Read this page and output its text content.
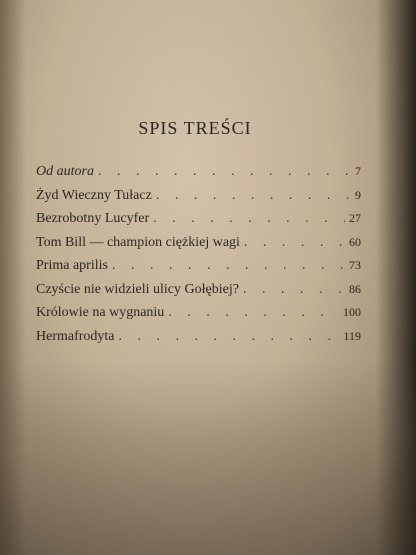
SPIS TREŚCI
Od autora . . .	7
Żyd Wieczny Tułacz . . .	9
Bezrobotny Lucyfer . . .	27
Tom Bill — champion ciężkiej wagi . . .	60
Prima aprilis . . .	73
Czyście nie widzieli ulicy Gołębiej? . . .	86
Królowie na wygnaniu . . .	100
Hermafrodyta . . .	119
